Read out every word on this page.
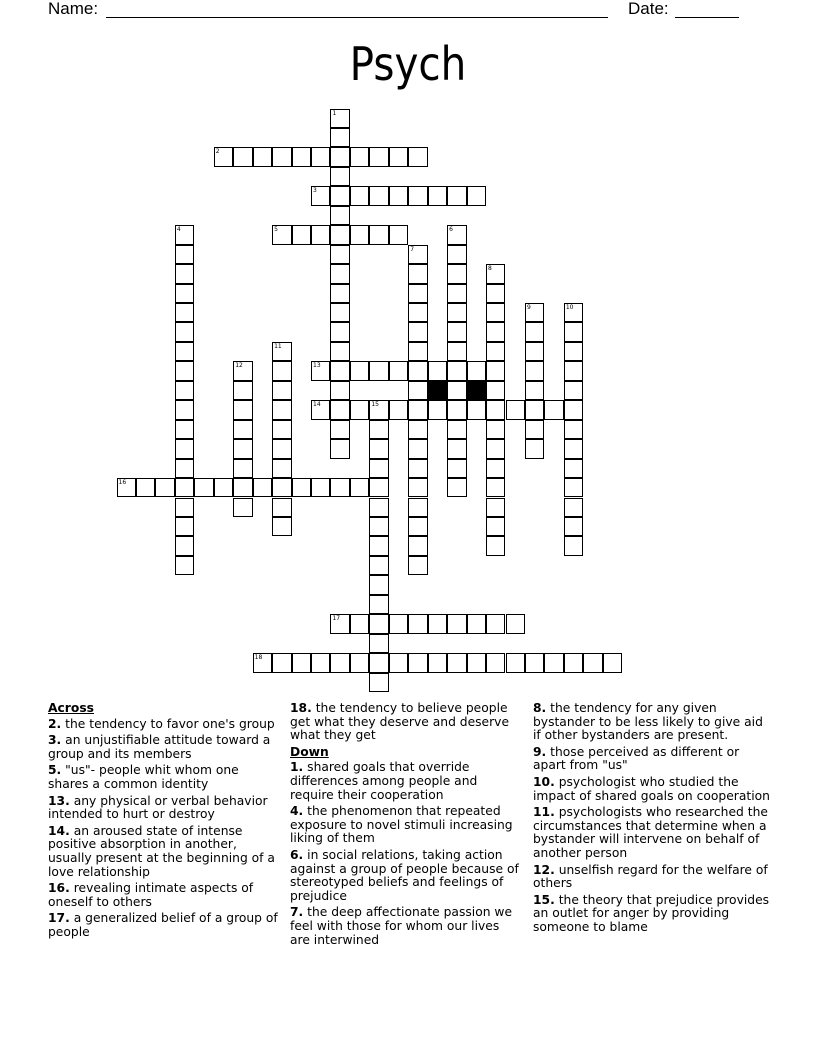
Name:	Date:
Psych
1
2
3
4	5	6
7
8
9	10
11
12	13
14	15
16
17
18
Across
2. the tendency to favor one's group
3. an unjustifiable attitude toward a group and its members
5. "us"- people whit whom one shares a common identity
13. any physical or verbal behavior intended to hurt or destroy
14. an aroused state of intense positive absorption in another, usually present at the beginning of a love relationship
16. revealing intimate aspects of oneself to others
17. a generalized belief of a group of people
18. the tendency to believe people get what they deserve and deserve what they get
Down
1. shared goals that override differences among people and require their cooperation
4. the phenomenon that repeated exposure to novel stimuli increasing liking of them
6. in social relations, taking action against a group of people because of stereotyped beliefs and feelings of prejudice
7. the deep affectionate passion we feel with those for whom our lives are interwined
8. the tendency for any given bystander to be less likely to give aid if other bystanders are present.
9. those perceived as different or apart from "us"
10. psychologist who studied the impact of shared goals on cooperation
11. psychologists who researched the circumstances that determine when a bystander will intervene on behalf of another person
12. unselfish regard for the welfare of others
15. the theory that prejudice provides an outlet for anger by providing someone to blame
